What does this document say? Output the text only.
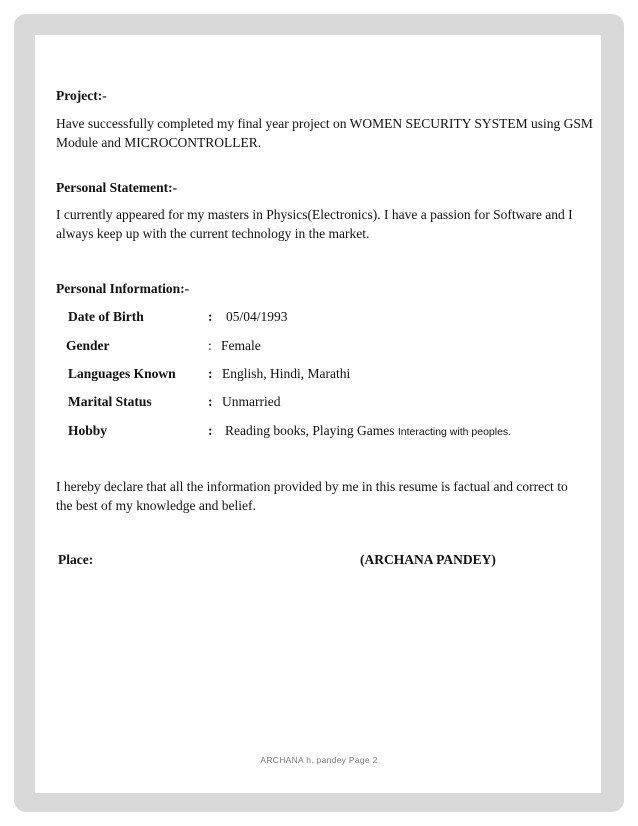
Project:-
Have successfully completed my final year project on WOMEN SECURITY SYSTEM using GSM
Module and MICROCONTROLLER.
Personal Statement:-
I currently appeared for my masters in Physics(Electronics). I have a passion for Software and I
always keep up with the current technology in the market.
Personal Information:-
Date of Birth	: 05/04/1993
Gender	: Female
Languages Known : English, Hindi, Marathi
Marital Status	: Unmarried
Hobby	: Reading books, Playing Games Interacting with peoples.
I hereby declare that all the information provided by me in this resume is factual and correct to
the best of my knowledge and belief.
Place:	(ARCHANA PANDEY)
ARCHANA h. pandey Page 2
